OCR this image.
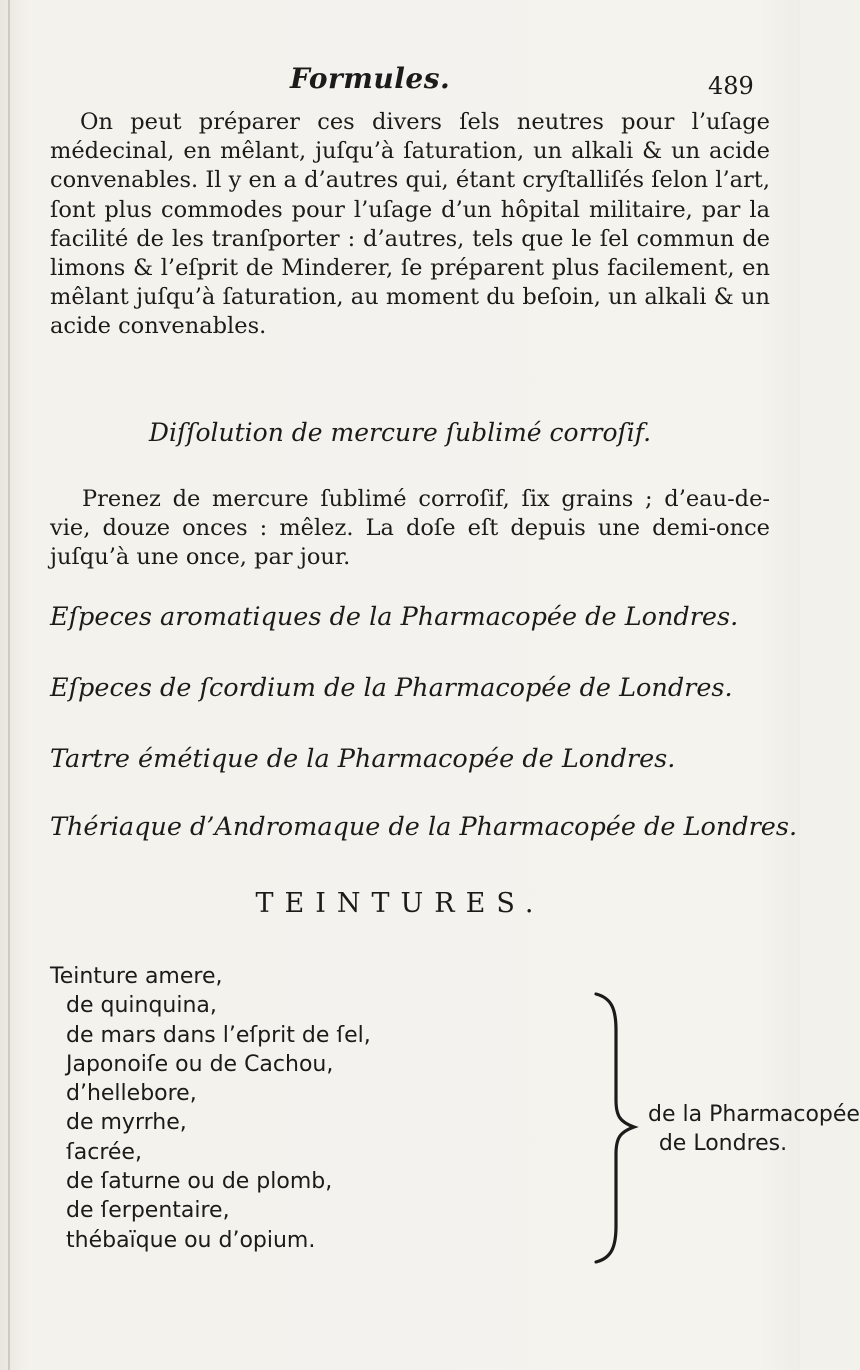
Formules.	489

On peut préparer ces divers ſels neutres pour l’uſage médecinal, en mêlant, juſqu’à ſaturation, un alkali & un acide convenables. Il y en a d’autres qui, étant cryſtalliſés ſelon l’art, ſont plus commodes pour l’uſage d’un hôpital militaire, par la facilité de les tranſporter : d’autres, tels que le ſel commun de limons & l’eſprit de Minderer, ſe préparent plus facilement, en mêlant juſqu’à ſaturation, au moment du beſoin, un alkali & un acide convenables.

Diſſolution de mercure ſublimé corroſif.

Prenez de mercure ſublimé corroſif, ſix grains ; d’eau-de-vie, douze onces : mêlez. La doſe eſt depuis une demi-once juſqu’à une once, par jour.

Eſpeces aromatiques de la Pharmacopée de Londres.

Eſpeces de ſcordium de la Pharmacopée de Londres.

Tartre émétique de la Pharmacopée de Londres.

Thériaque d’Andromaque de la Pharmacopée de Londres.

TEINTURES.

Teinture amere,
de quinquina,
de mars dans l’eſprit de ſel,
Japonoiſe ou de Cachou,
d’hellebore,
de myrrhe,
ſacrée,
de ſaturne ou de plomb,
de ſerpentaire,
thébaïque ou d’opium.

de la Pharmacopée
de Londres.
